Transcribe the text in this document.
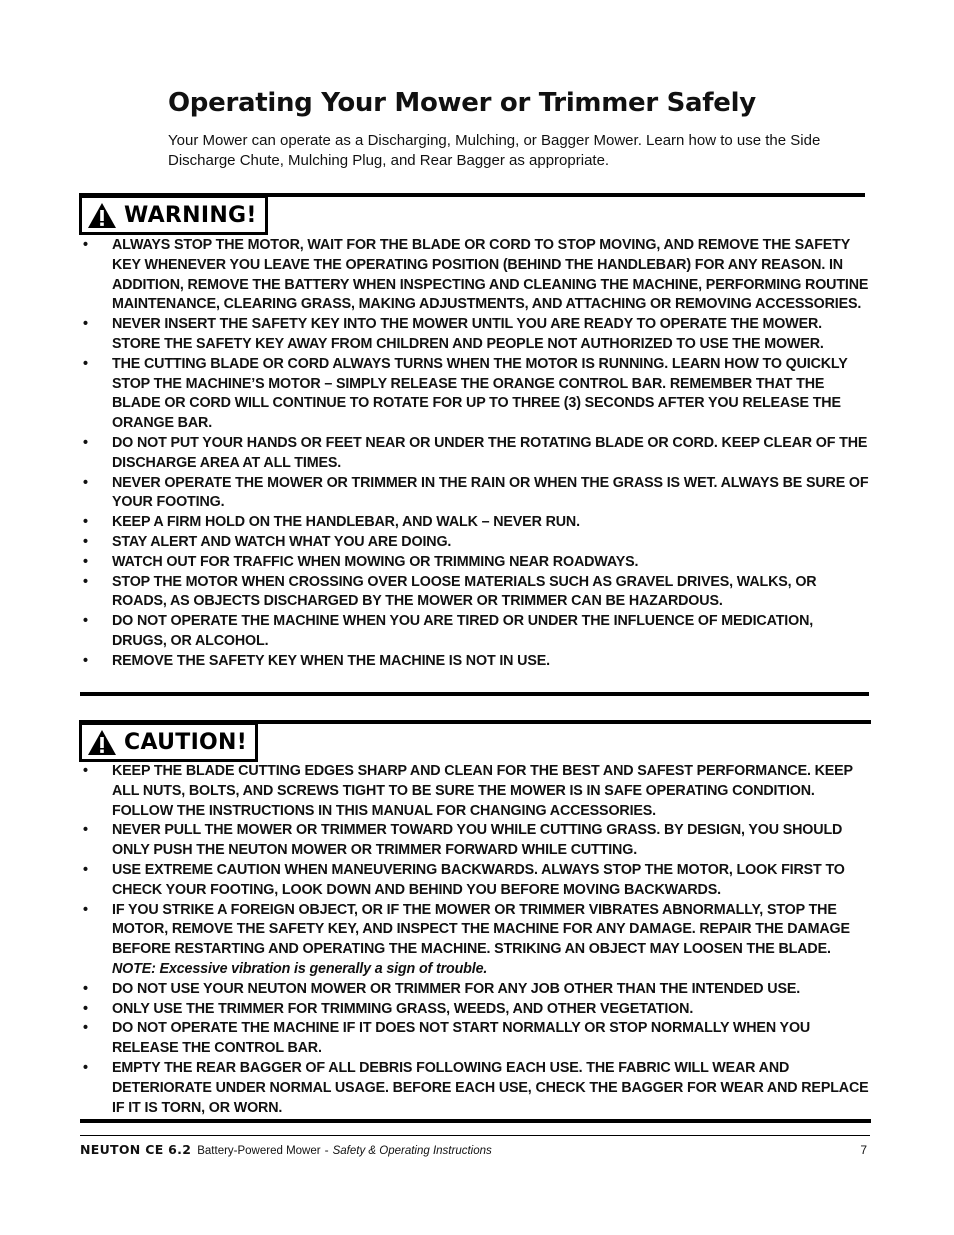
Operating Your Mower or Trimmer Safely

Your Mower can operate as a Discharging, Mulching, or Bagger Mower. Learn how to use the Side Discharge Chute, Mulching Plug, and Rear Bagger as appropriate.

WARNING!
• ALWAYS STOP THE MOTOR, WAIT FOR THE BLADE OR CORD TO STOP MOVING, AND REMOVE THE SAFETY KEY WHENEVER YOU LEAVE THE OPERATING POSITION (BEHIND THE HANDLEBAR) FOR ANY REASON. IN ADDITION, REMOVE THE BATTERY WHEN INSPECTING AND CLEANING THE MACHINE, PERFORMING ROUTINE MAINTENANCE, CLEARING GRASS, MAKING ADJUSTMENTS, AND ATTACHING OR REMOVING ACCESSORIES.
• NEVER INSERT THE SAFETY KEY INTO THE MOWER UNTIL YOU ARE READY TO OPERATE THE MOWER. STORE THE SAFETY KEY AWAY FROM CHILDREN AND PEOPLE NOT AUTHORIZED TO USE THE MOWER.
• THE CUTTING BLADE OR CORD ALWAYS TURNS WHEN THE MOTOR IS RUNNING. LEARN HOW TO QUICKLY STOP THE MACHINE’S MOTOR – SIMPLY RELEASE THE ORANGE CONTROL BAR. REMEMBER THAT THE BLADE OR CORD WILL CONTINUE TO ROTATE FOR UP TO THREE (3) SECONDS AFTER YOU RELEASE THE ORANGE BAR.
• DO NOT PUT YOUR HANDS OR FEET NEAR OR UNDER THE ROTATING BLADE OR CORD. KEEP CLEAR OF THE DISCHARGE AREA AT ALL TIMES.
• NEVER OPERATE THE MOWER OR TRIMMER IN THE RAIN OR WHEN THE GRASS IS WET. ALWAYS BE SURE OF YOUR FOOTING.
• KEEP A FIRM HOLD ON THE HANDLEBAR, AND WALK – NEVER RUN.
• STAY ALERT AND WATCH WHAT YOU ARE DOING.
• WATCH OUT FOR TRAFFIC WHEN MOWING OR TRIMMING NEAR ROADWAYS.
• STOP THE MOTOR WHEN CROSSING OVER LOOSE MATERIALS SUCH AS GRAVEL DRIVES, WALKS, OR ROADS, AS OBJECTS DISCHARGED BY THE MOWER OR TRIMMER CAN BE HAZARDOUS.
• DO NOT OPERATE THE MACHINE WHEN YOU ARE TIRED OR UNDER THE INFLUENCE OF MEDICATION, DRUGS, OR ALCOHOL.
• REMOVE THE SAFETY KEY WHEN THE MACHINE IS NOT IN USE.
CAUTION!
• KEEP THE BLADE CUTTING EDGES SHARP AND CLEAN FOR THE BEST AND SAFEST PERFORMANCE. KEEP ALL NUTS, BOLTS, AND SCREWS TIGHT TO BE SURE THE MOWER IS IN SAFE OPERATING CONDITION. FOLLOW THE INSTRUCTIONS IN THIS MANUAL FOR CHANGING ACCESSORIES.
• NEVER PULL THE MOWER OR TRIMMER TOWARD YOU WHILE CUTTING GRASS. BY DESIGN, YOU SHOULD ONLY PUSH THE NEUTON MOWER OR TRIMMER FORWARD WHILE CUTTING.
• USE EXTREME CAUTION WHEN MANEUVERING BACKWARDS. ALWAYS STOP THE MOTOR, LOOK FIRST TO CHECK YOUR FOOTING, LOOK DOWN AND BEHIND YOU BEFORE MOVING BACKWARDS.
• IF YOU STRIKE A FOREIGN OBJECT, OR IF THE MOWER OR TRIMMER VIBRATES ABNORMALLY, STOP THE MOTOR, REMOVE THE SAFETY KEY, AND INSPECT THE MACHINE FOR ANY DAMAGE. REPAIR THE DAMAGE BEFORE RESTARTING AND OPERATING THE MACHINE. STRIKING AN OBJECT MAY LOOSEN THE BLADE. NOTE: Excessive vibration is generally a sign of trouble.
• DO NOT USE YOUR NEUTON MOWER OR TRIMMER FOR ANY JOB OTHER THAN THE INTENDED USE.
• ONLY USE THE TRIMMER FOR TRIMMING GRASS, WEEDS, AND OTHER VEGETATION.
• DO NOT OPERATE THE MACHINE IF IT DOES NOT START NORMALLY OR STOP NORMALLY WHEN YOU RELEASE THE CONTROL BAR.
• EMPTY THE REAR BAGGER OF ALL DEBRIS FOLLOWING EACH USE. THE FABRIC WILL WEAR AND DETERIORATE UNDER NORMAL USAGE. BEFORE EACH USE, CHECK THE BAGGER FOR WEAR AND REPLACE IF IT IS TORN, OR WORN.
NEUTON CE 6.2 Battery-Powered Mower - Safety & Operating Instructions	7
